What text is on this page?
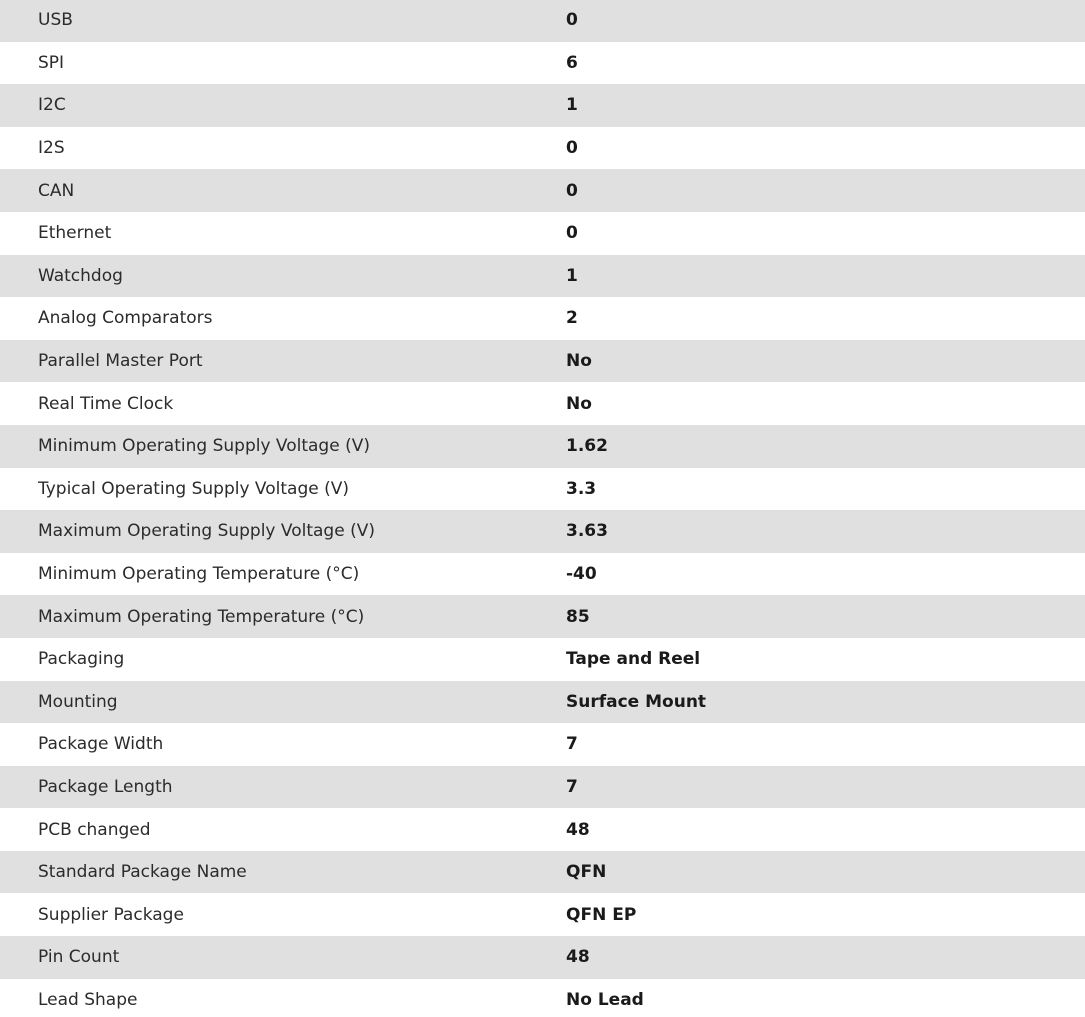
USB	0
SPI	6
I2C	1
I2S	0
CAN	0
Ethernet	0
Watchdog	1
Analog Comparators	2
Parallel Master Port	No
Real Time Clock	No
Minimum Operating Supply Voltage (V)	1.62
Typical Operating Supply Voltage (V)	3.3
Maximum Operating Supply Voltage (V)	3.63
Minimum Operating Temperature (°C)	-40
Maximum Operating Temperature (°C)	85
Packaging	Tape and Reel
Mounting	Surface Mount
Package Width	7
Package Length	7
PCB changed	48
Standard Package Name	QFN
Supplier Package	QFN EP
Pin Count	48
Lead Shape	No Lead
